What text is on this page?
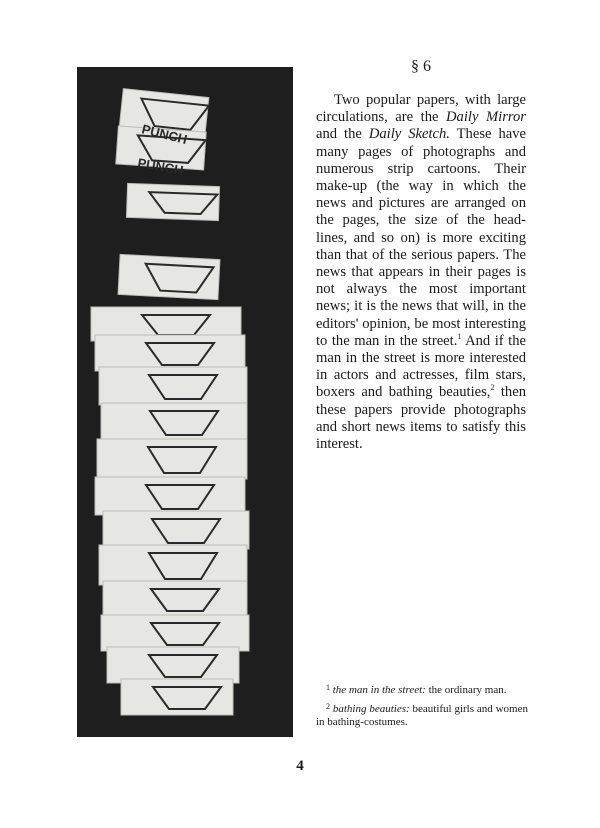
PUNCH
PUNCH
§ 6

Two popular papers, with large circulations, are the Daily Mirror and the Daily Sketch. These have many pages of photographs and numerous strip cartoons. Their make-up (the way in which the news and pictures are arranged on the pages, the size of the head-lines, and so on) is more exciting than that of the serious papers. The news that appears in their pages is not always the most important news; it is the news that will, in the editors' opinion, be most interesting to the man in the street.$^1$ And if the man in the street is more interested in actors and actresses, film stars, boxers and bathing beauties,$^2$ then these papers provide photographs and short news items to satisfy this interest.

$^1$ the man in the street: the ordinary man.

$^2$ bathing beauties: beautiful girls and women in bathing-costumes.

4
